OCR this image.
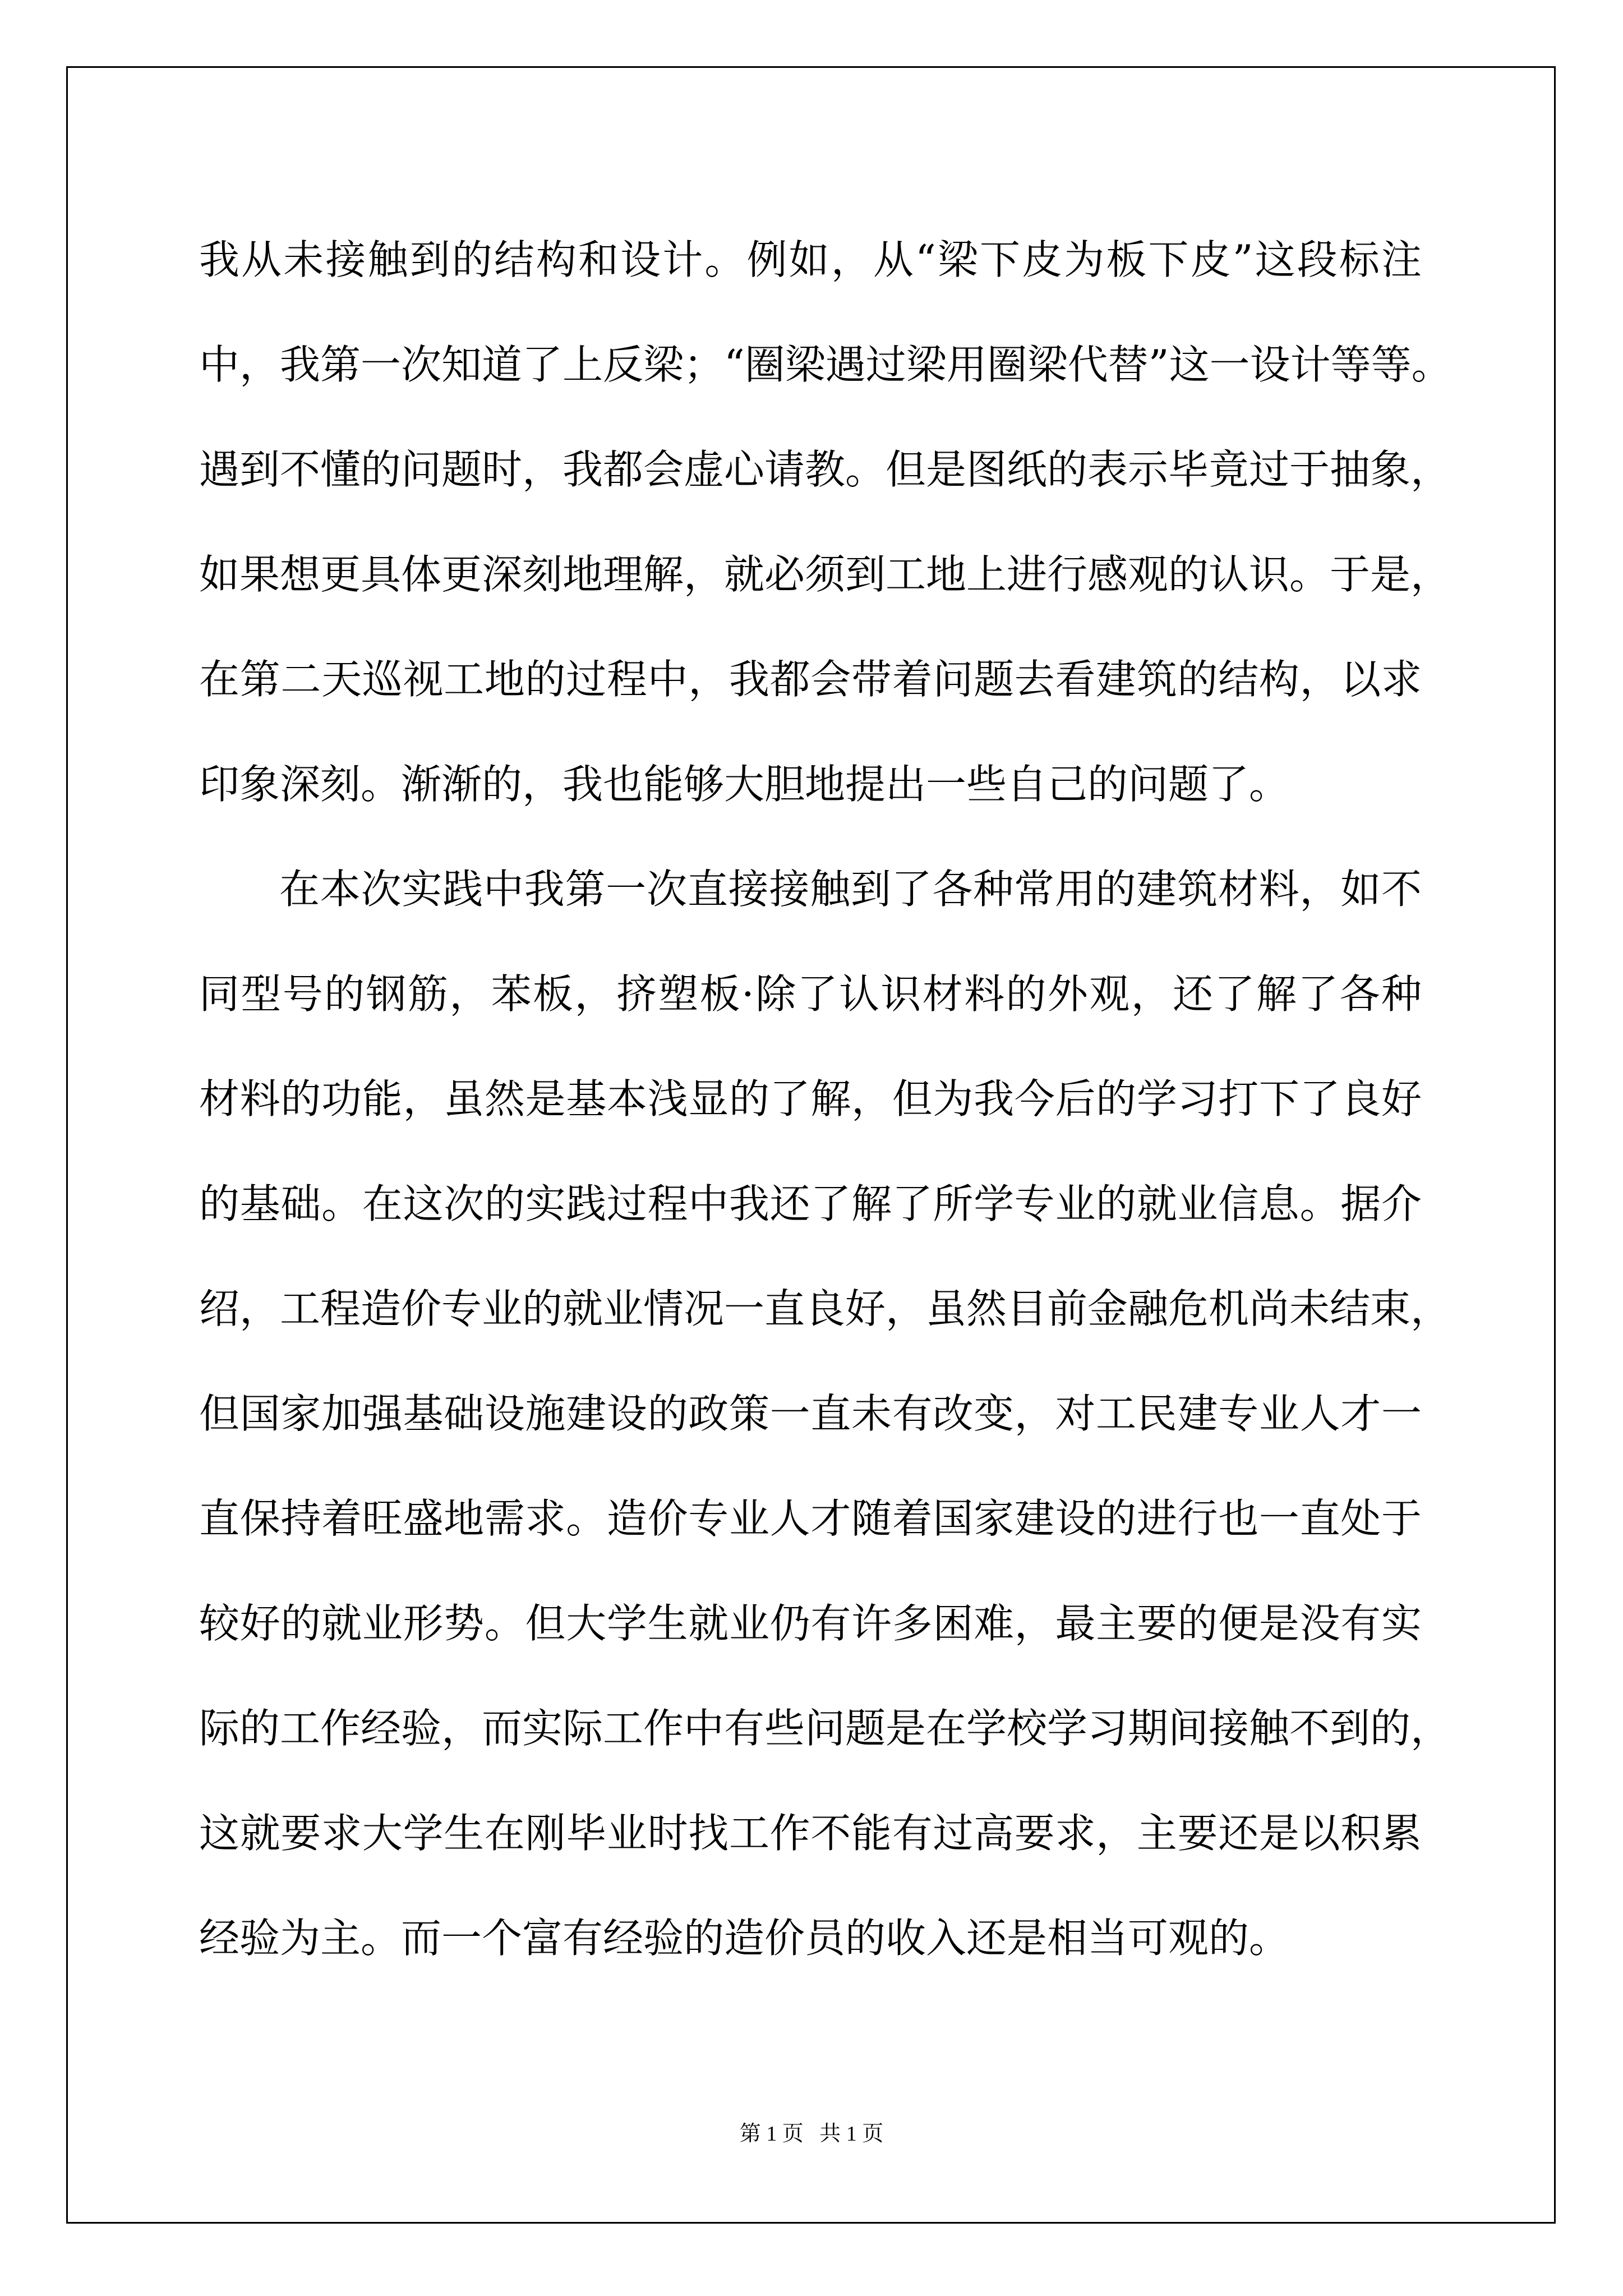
我从未接触到的结构和设计。例如，从“梁下皮为板下皮”这段标注
中，我第一次知道了上反梁；“圈梁遇过梁用圈梁代替”这一设计等等。
遇到不懂的问题时，我都会虚心请教。但是图纸的表示毕竟过于抽象，
如果想更具体更深刻地理解，就必须到工地上进行感观的认识。于是，
在第二天巡视工地的过程中，我都会带着问题去看建筑的结构，以求
印象深刻。渐渐的，我也能够大胆地提出一些自己的问题了。
在本次实践中我第一次直接接触到了各种常用的建筑材料，如不
同型号的钢筋，苯板，挤塑板·除了认识材料的外观，还了解了各种
材料的功能，虽然是基本浅显的了解，但为我今后的学习打下了良好
的基础。在这次的实践过程中我还了解了所学专业的就业信息。据介
绍，工程造价专业的就业情况一直良好，虽然目前金融危机尚未结束，
但国家加强基础设施建设的政策一直未有改变，对工民建专业人才一
直保持着旺盛地需求。造价专业人才随着国家建设的进行也一直处于
较好的就业形势。但大学生就业仍有许多困难，最主要的便是没有实
际的工作经验，而实际工作中有些问题是在学校学习期间接触不到的，
这就要求大学生在刚毕业时找工作不能有过高要求，主要还是以积累
经验为主。而一个富有经验的造价员的收入还是相当可观的。
第 1 页   共 1 页
